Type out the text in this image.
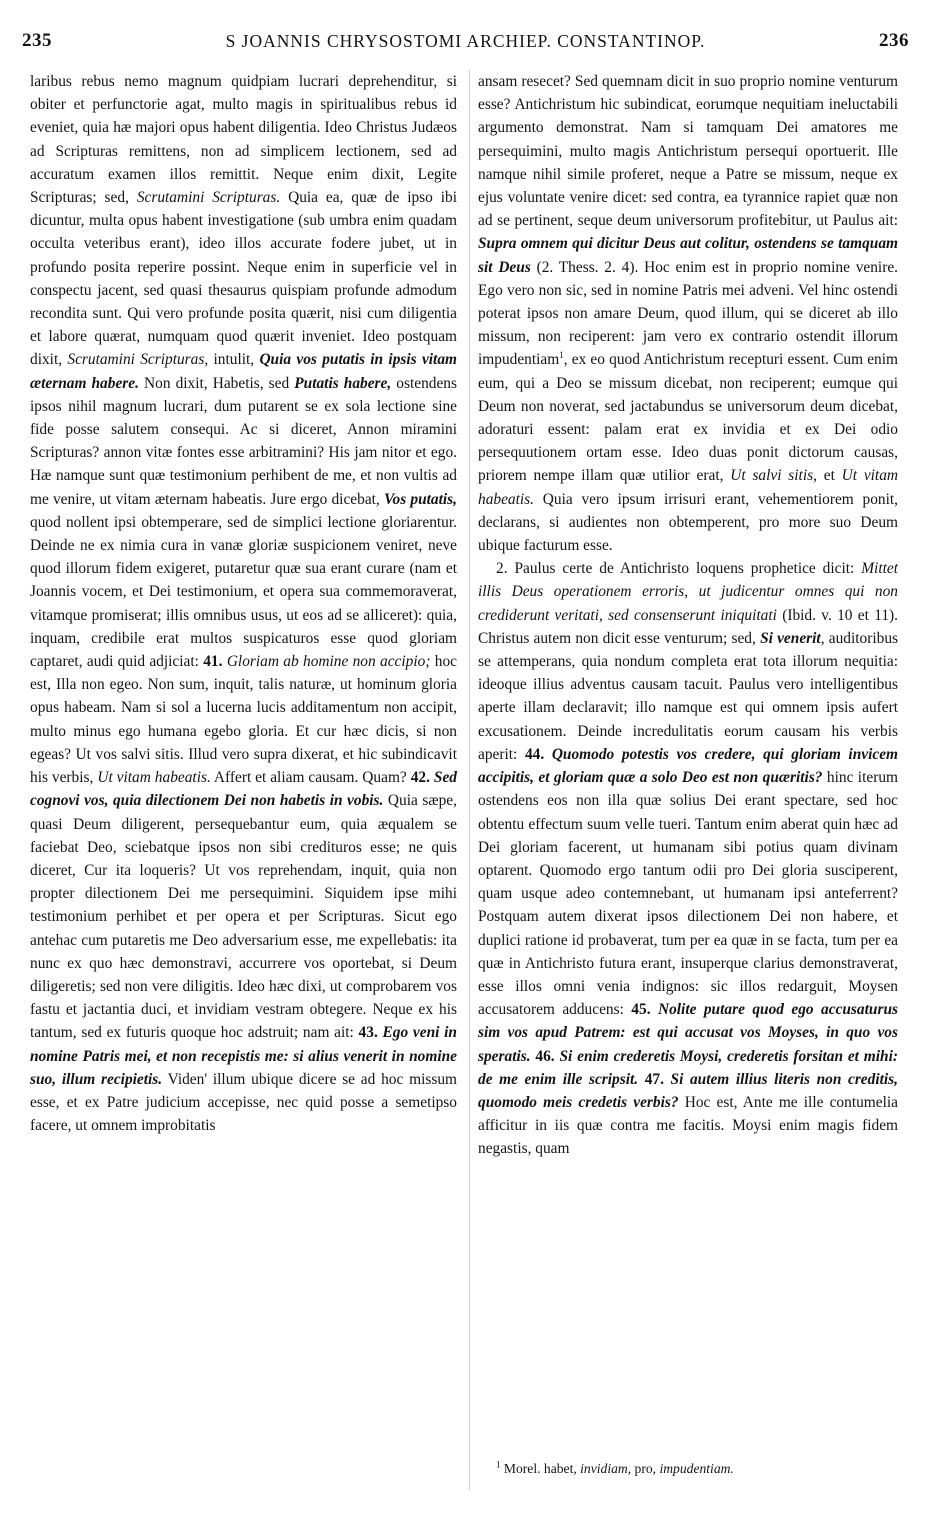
235	S JOANNIS CHRYSOSTOMI ARCHIEP. CONSTANTINOP.	236

laribus rebus nemo magnum quidpiam lucrari deprehenditur, si obiter et perfunctorie agat, multo magis in spiritualibus rebus id eveniet, quia hæ majori opus habent diligentia. Ideo Christus Judæos ad Scripturas remittens, non ad simplicem lectionem, sed ad accuratum examen illos remittit. Neque enim dixit, Legite Scripturas; sed, Scrutamini Scripturas. Quia ea, quæ de ipso ibi dicuntur, multa opus habent investigatione (sub umbra enim quadam occulta veteribus erant), ideo illos accurate fodere jubet, ut in profundo posita reperire possint. Neque enim in superficie vel in conspectu jacent, sed quasi thesaurus quispiam profunde admodum recondita sunt. Qui vero profunde posita quærit, nisi cum diligentia et labore quærat, numquam quod quærit inveniet. Ideo postquam dixit, Scrutamini Scripturas, intulit, Quia vos putatis in ipsis vitam æternam habere. Non dixit, Habetis, sed Putatis habere, ostendens ipsos nihil magnum lucrari, dum putarent se ex sola lectione sine fide posse salutem consequi. Ac si diceret, Annon miramini Scripturas? annon vitæ fontes esse arbitramini? His jam nitor et ego. Hæ namque sunt quæ testimonium perhibent de me, et non vultis ad me venire, ut vitam æternam habeatis. Jure ergo dicebat, Vos putatis, quod nollent ipsi obtemperare, sed de simplici lectione gloriarentur. Deinde ne ex nimia cura in vanæ gloriæ suspicionem veniret, neve quod illorum fidem exigeret, putaretur quæ sua erant curare (nam et Joannis vocem, et Dei testimonium, et opera sua commemoraverat, vitamque promiserat; illis omnibus usus, ut eos ad se alliceret): quia, inquam, credibile erat multos suspicaturos esse quod gloriam captaret, audi quid adjiciat: 41. Gloriam ab homine non accipio; hoc est, Illa non egeo. Non sum, inquit, talis naturæ, ut hominum gloria opus habeam. Nam si sol a lucerna lucis additamentum non accipit, multo minus ego humana egebo gloria. Et cur hæc dicis, si non egeas? Ut vos salvi sitis. Illud vero supra dixerat, et hic subindicavit his verbis, Ut vitam habeatis. Affert et aliam causam. Quam? 42. Sed cognovi vos, quia dilectionem Dei non habetis in vobis. Quia sæpe, quasi Deum diligerent, persequebantur eum, quia æqualem se faciebat Deo, sciebatque ipsos non sibi credituros esse; ne quis diceret, Cur ita loqueris? Ut vos reprehendam, inquit, quia non propter dilectionem Dei me persequimini. Siquidem ipse mihi testimonium perhibet et per opera et per Scripturas. Sicut ego antehac cum putaretis me Deo adversarium esse, me expellebatis: ita nunc ex quo hæc demonstravi, accurrere vos oportebat, si Deum diligeretis; sed non vere diligitis. Ideo hæc dixi, ut comprobarem vos fastu et jactantia duci, et invidiam vestram obtegere. Neque ex his tantum, sed ex futuris quoque hoc adstruit; nam ait: 43. Ego veni in nomine Patris mei, et non recepistis me: si alius venerit in nomine suo, illum recipietis. Viden' illum ubique dicere se ad hoc missum esse, et ex Patre judicium accepisse, nec quid posse a semetipso facere, ut omnem improbitatis

ansam resecet? Sed quemnam dicit in suo proprio nomine venturum esse? Antichristum hic subindicat, eorumque nequitiam ineluctabili argumento demonstrat. Nam si tamquam Dei amatores me persequimini, multo magis Antichristum persequi oportuerit. Ille namque nihil simile proferet, neque a Patre se missum, neque ex ejus voluntate venire dicet: sed contra, ea tyrannice rapiet quæ non ad se pertinent, seque deum universorum profitebitur, ut Paulus ait: Supra omnem qui dicitur Deus aut colitur, ostendens se tamquam sit Deus (2. Thess. 2. 4). Hoc enim est in proprio nomine venire. Ego vero non sic, sed in nomine Patris mei adveni. Vel hinc ostendi poterat ipsos non amare Deum, quod illum, qui se diceret ab illo missum, non reciperent: jam vero ex contrario ostendit illorum impudentiam$^1$, ex eo quod Antichristum recepturi essent. Cum enim eum, qui a Deo se missum dicebat, non reciperent; eumque qui Deum non noverat, sed jactabundus se universorum deum dicebat, adoraturi essent: palam erat ex invidia et ex Dei odio persequutionem ortam esse. Ideo duas ponit dictorum causas, priorem nempe illam quæ utilior erat, Ut salvi sitis, et Ut vitam habeatis. Quia vero ipsum irrisuri erant, vehementiorem ponit, declarans, si audientes non obtemperent, pro more suo Deum ubique facturum esse.

2. Paulus certe de Antichristo loquens prophetice dicit: Mittet illis Deus operationem erroris, ut judicentur omnes qui non crediderunt veritati, sed consenserunt iniquitati (Ibid. v. 10 et 11). Christus autem non dicit esse venturum; sed, Si venerit, auditoribus se attemperans, quia nondum completa erat tota illorum nequitia: ideoque illius adventus causam tacuit. Paulus vero intelligentibus aperte illam declaravit; illo namque est qui omnem ipsis aufert excusationem. Deinde incredulitatis eorum causam his verbis aperit: 44. Quomodo potestis vos credere, qui gloriam invicem accipitis, et gloriam quæ a solo Deo est non quæritis? hinc iterum ostendens eos non illa quæ solius Dei erant spectare, sed hoc obtentu effectum suum velle tueri. Tantum enim aberat quin hæc ad Dei gloriam facerent, ut humanam sibi potius quam divinam optarent. Quomodo ergo tantum odii pro Dei gloria susciperent, quam usque adeo contemnebant, ut humanam ipsi anteferrent? Postquam autem dixerat ipsos dilectionem Dei non habere, et duplici ratione id probaverat, tum per ea quæ in se facta, tum per ea quæ in Antichristo futura erant, insuperque clarius demonstraverat, esse illos omni venia indignos: sic illos redarguit, Moysen accusatorem adducens: 45. Nolite putare quod ego accusaturus sim vos apud Patrem: est qui accusat vos Moyses, in quo vos speratis. 46. Si enim crederetis Moysi, crederetis forsitan et mihi: de me enim ille scripsit. 47. Si autem illius literis non creditis, quomodo meis credetis verbis? Hoc est, Ante me ille contumelia afficitur in iis quæ contra me facitis. Moysi enim magis fidem negastis, quam

$^1$ Morel. habet, invidiam, pro, impudentiam.
